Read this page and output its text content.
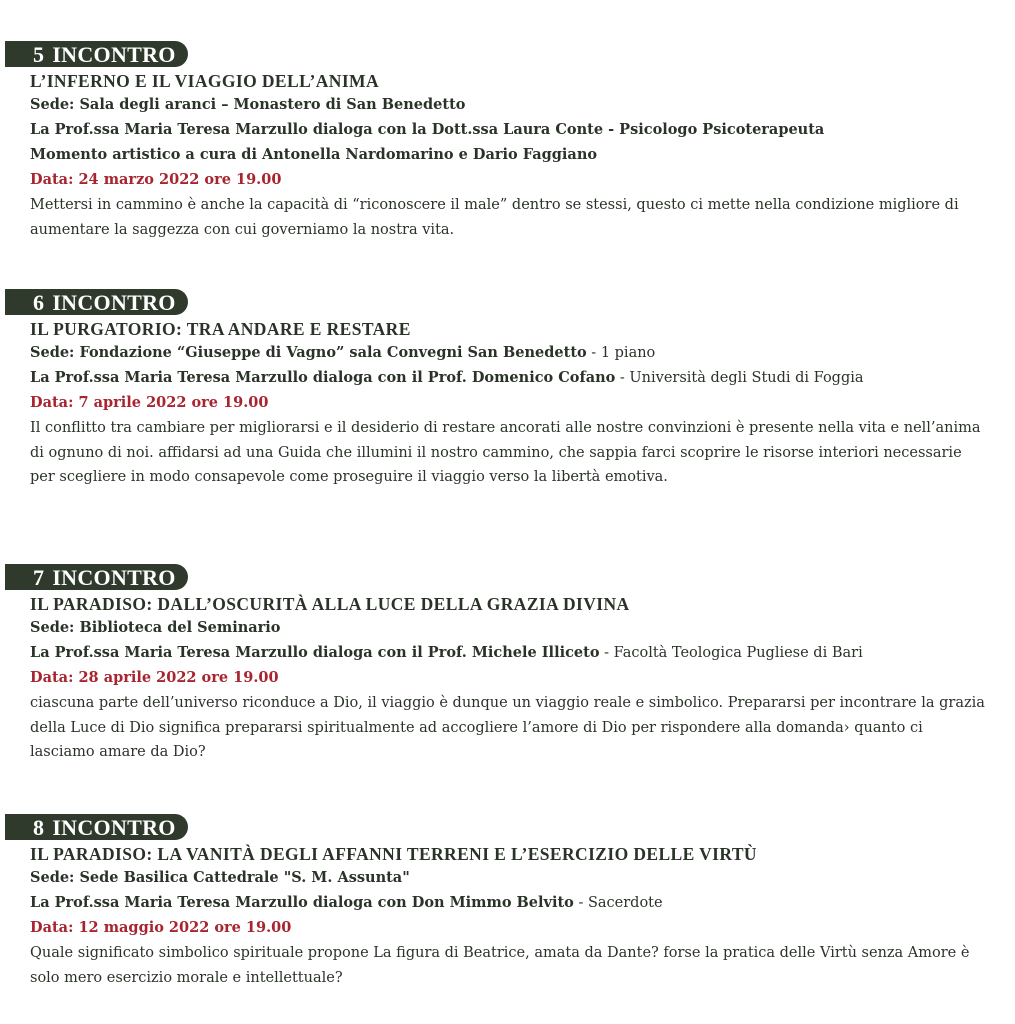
5 INCONTRO
L’INFERNO E IL VIAGGIO DELL’ANIMA
Sede: Sala degli aranci – Monastero di San Benedetto
La Prof.ssa Maria Teresa Marzullo dialoga con la Dott.ssa Laura Conte - Psicologo Psicoterapeuta
Momento artistico a cura di Antonella Nardomarino e Dario Faggiano
Data: 24 marzo 2022 ore 19.00
Mettersi in cammino è anche la capacità di “riconoscere il male” dentro se stessi, questo ci mette nella condizione migliore di aumentare la saggezza con cui governiamo la nostra vita.
6 INCONTRO
IL PURGATORIO: TRA ANDARE E RESTARE
Sede: Fondazione “Giuseppe di Vagno” sala Convegni San Benedetto - 1 piano
La Prof.ssa Maria Teresa Marzullo dialoga con il Prof. Domenico Cofano - Università degli Studi di Foggia
Data: 7 aprile 2022 ore 19.00
Il conflitto tra cambiare per migliorarsi e il desiderio di restare ancorati alle nostre convinzioni è presente nella vita e nell’anima di ognuno di noi. affidarsi ad una Guida che illumini il nostro cammino, che sappia farci scoprire le risorse interiori necessarie per scegliere in modo consapevole come proseguire il viaggio verso la libertà emotiva.
7 INCONTRO
IL PARADISO: DALL’OSCURITÀ ALLA LUCE DELLA GRAZIA DIVINA
Sede: Biblioteca del Seminario
La Prof.ssa Maria Teresa Marzullo dialoga con il Prof. Michele Illiceto - Facoltà Teologica Pugliese di Bari
Data: 28 aprile 2022 ore 19.00
ciascuna parte dell’universo riconduce a Dio, il viaggio è dunque un viaggio reale e simbolico. Prepararsi per incontrare la grazia della Luce di Dio significa prepararsi spiritualmente ad accogliere l’amore di Dio per rispondere alla domanda› quanto ci lasciamo amare da Dio?
8 INCONTRO
IL PARADISO: LA VANITÀ DEGLI AFFANNI TERRENI E L’ESERCIZIO DELLE VIRTÙ
Sede: Sede Basilica Cattedrale "S. M. Assunta"
La Prof.ssa Maria Teresa Marzullo dialoga con Don Mimmo Belvito - Sacerdote
Data: 12 maggio 2022 ore 19.00
Quale significato simbolico spirituale propone La figura di Beatrice, amata da Dante? forse la pratica delle Virtù senza Amore è solo mero esercizio morale e intellettuale?
